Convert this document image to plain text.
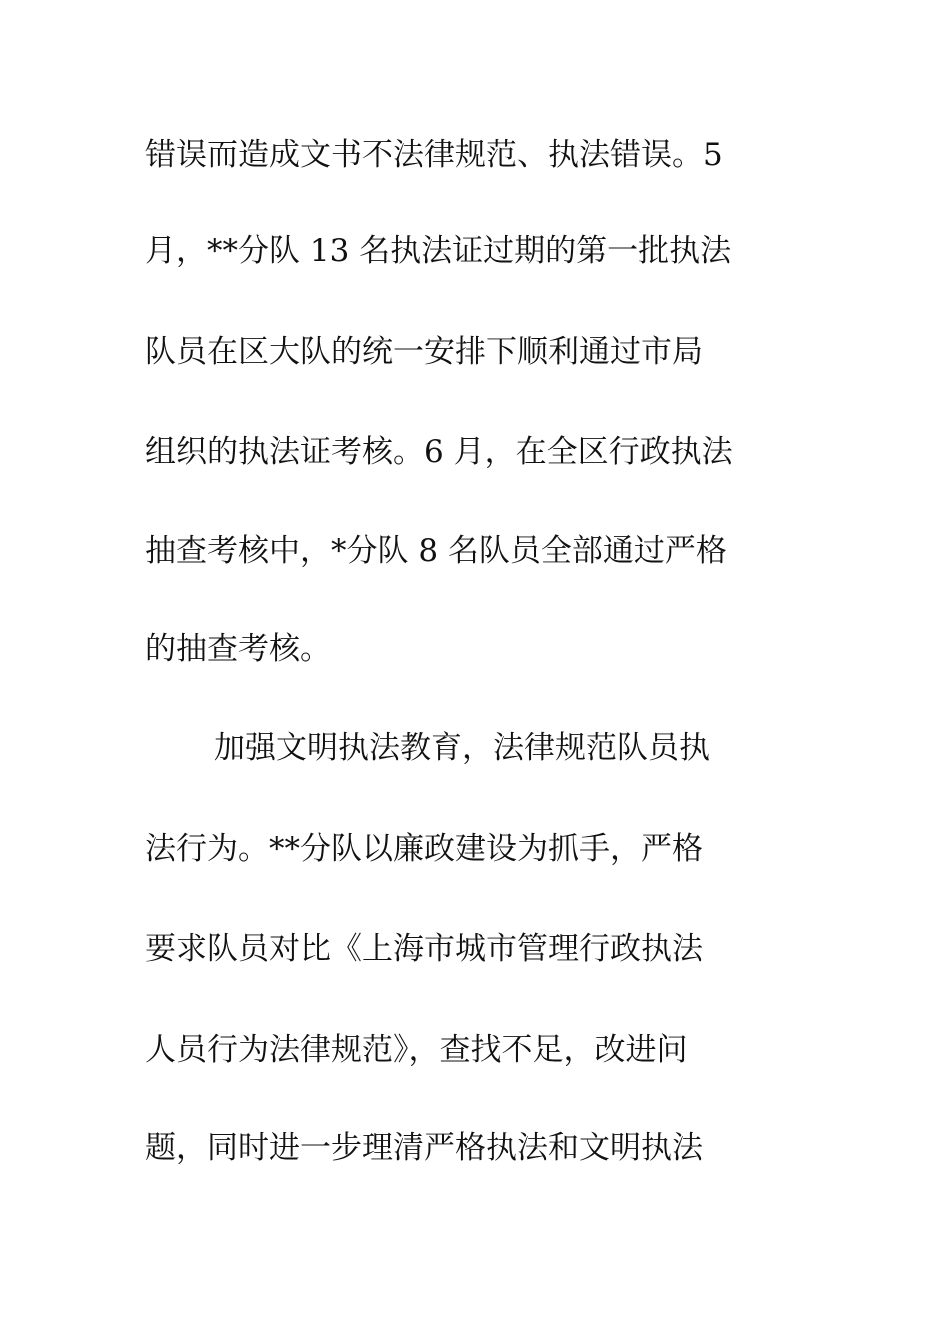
错误而造成文书不法律规范、执法错误。5
月，**分队 13 名执法证过期的第一批执法
队员在区大队的统一安排下顺利通过市局
组织的执法证考核。6 月，在全区行政执法
抽查考核中，*分队 8 名队员全部通过严格
的抽查考核。
加强文明执法教育，法律规范队员执
法行为。**分队以廉政建设为抓手，严格
要求队员对比《上海市城市管理行政执法
人员行为法律规范》，查找不足，改进问
题，同时进一步理清严格执法和文明执法
